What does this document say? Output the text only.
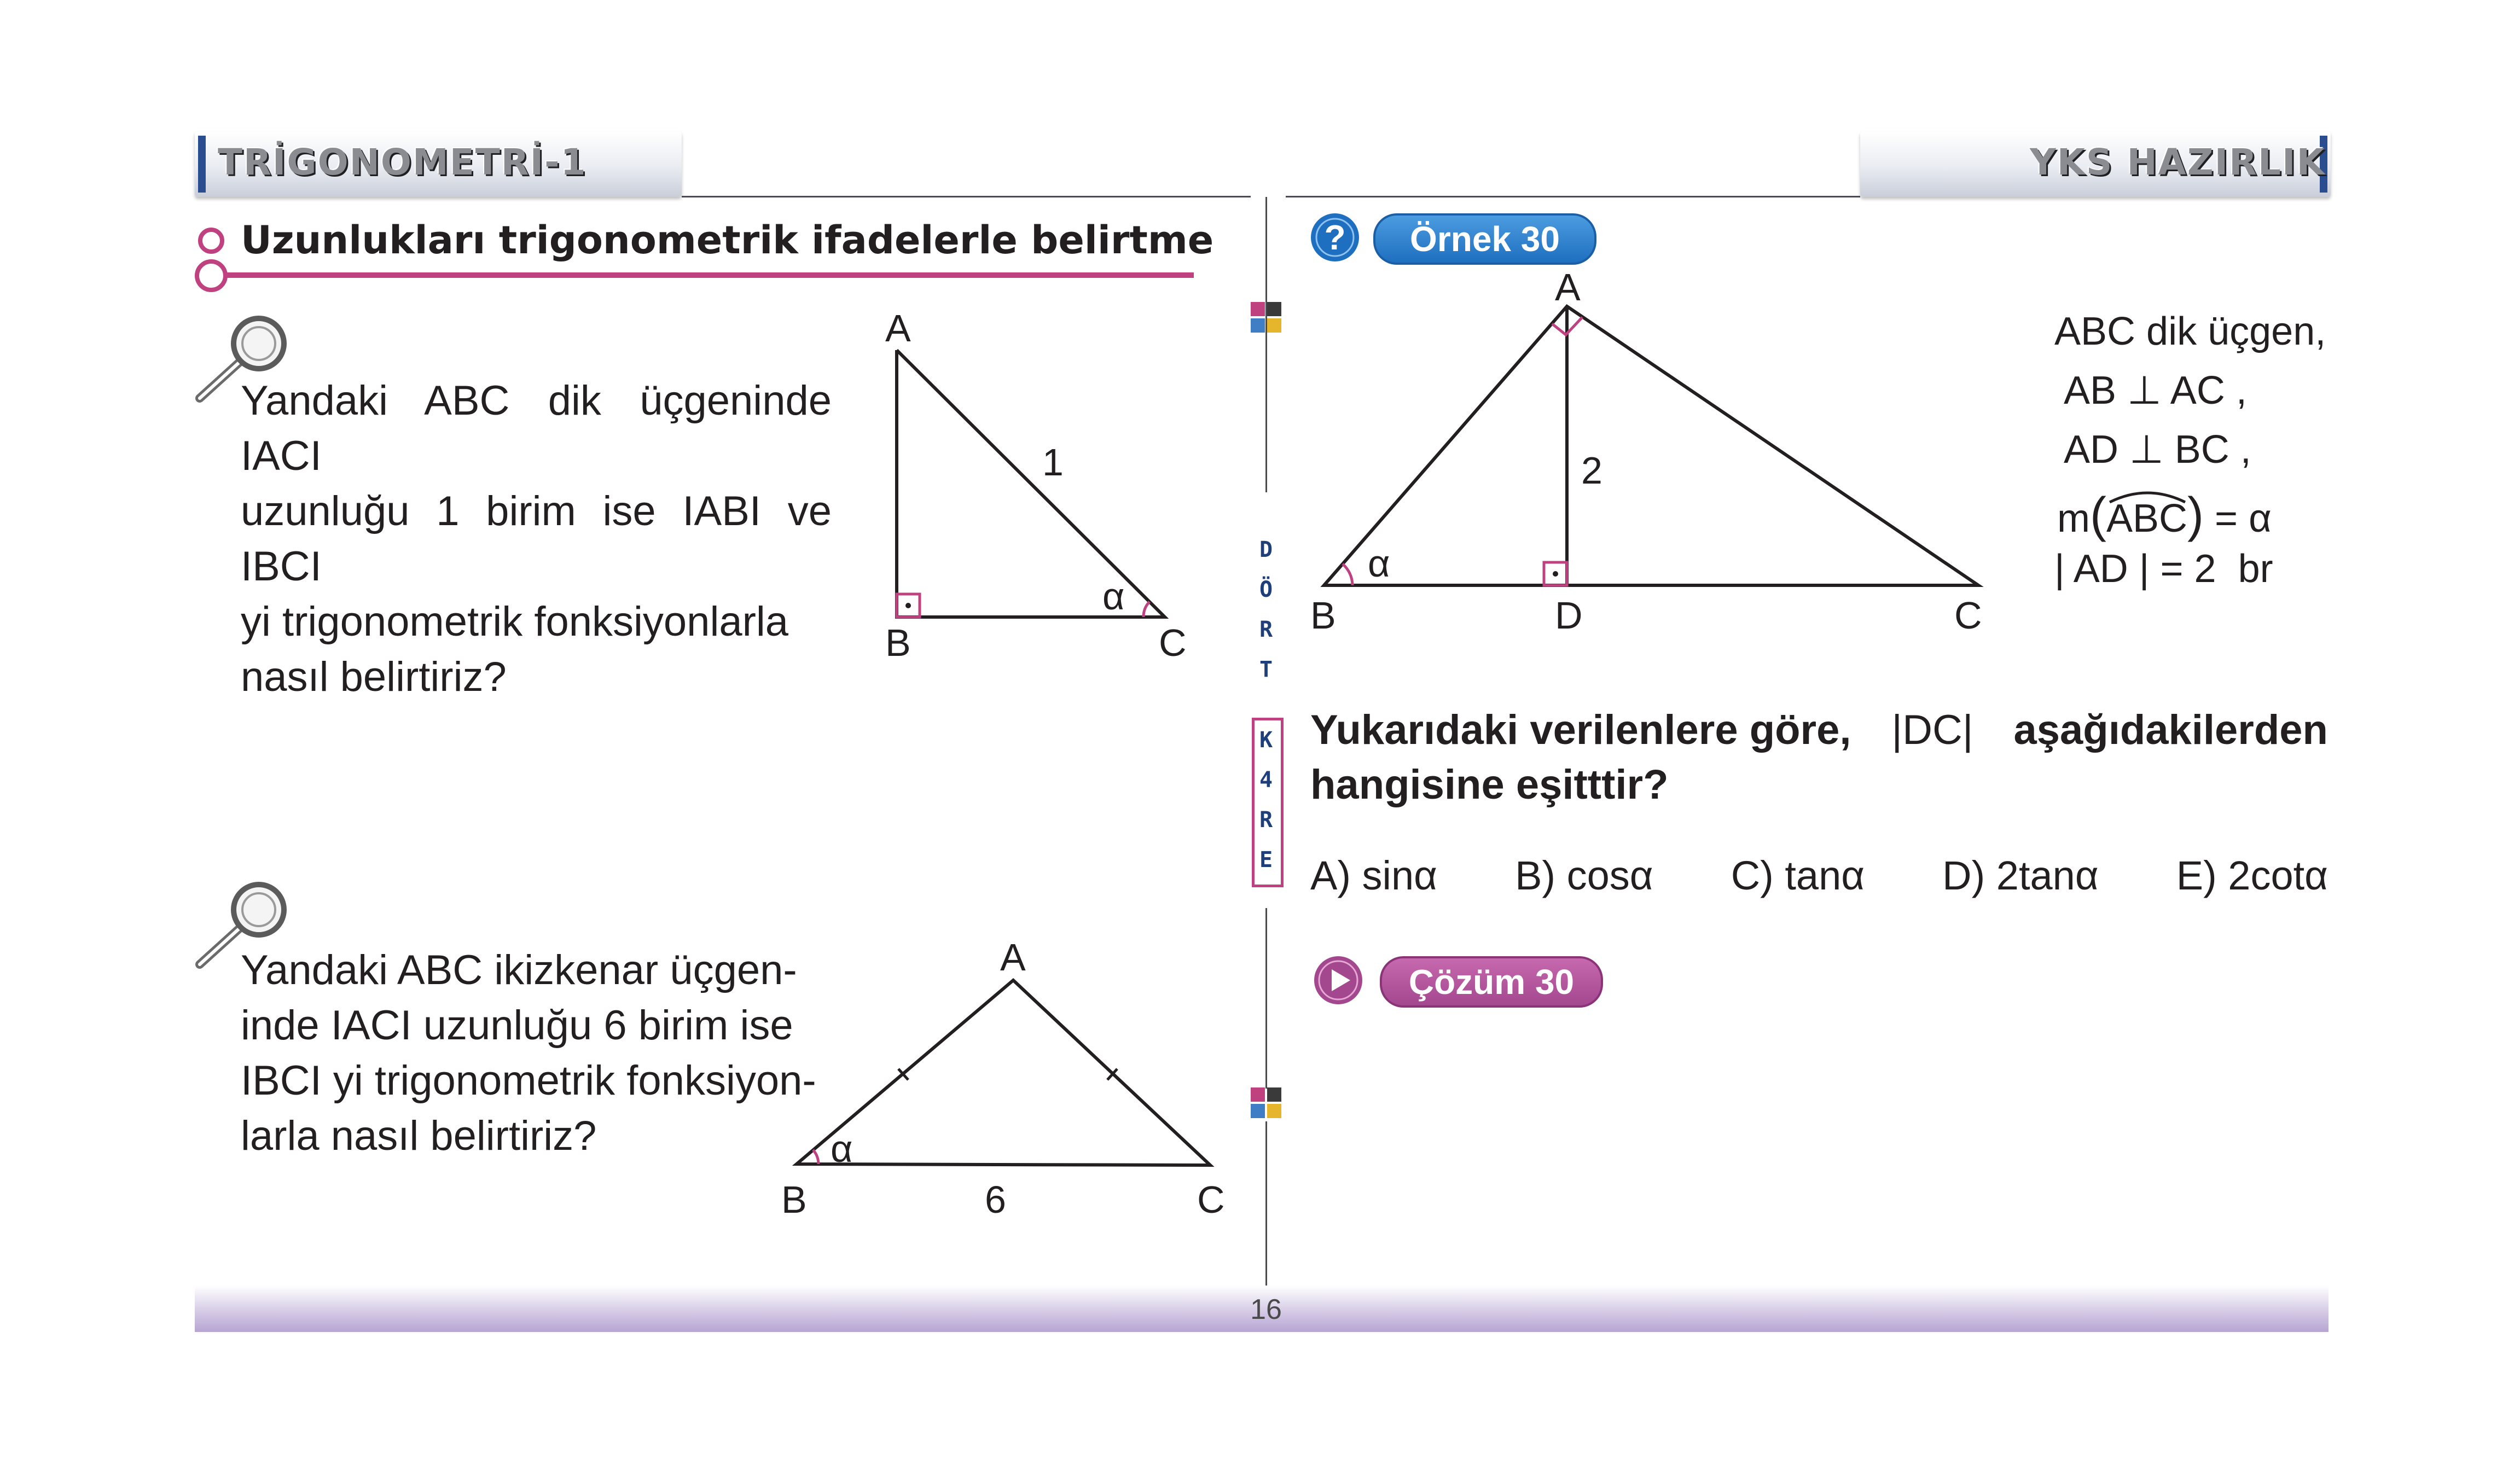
TRİGONOMETRİ-1	YKS HAZIRLIK
Uzunlukları trigonometrik ifadelerle belirtme
Yandaki ABC dik üçgeninde IACI
uzunluğu 1 birim ise IABI ve IBCI
yi trigonometrik fonksiyonlarla
nasıl belirtiriz?
A
B	C
1
α
Yandaki ABC ikizkenar üçgen-
inde IACI uzunluğu 6 birim ise
IBCI yi trigonometrik fonksiyon-
larla nasıl belirtiriz?
A
B	C
6
α
D
Ö
R
T
K
4
R
E
?	Örnek 30
A
B	D	C
2
α
ABC dik üçgen,
AB ⊥ AC ,
AD ⊥ BC ,
m(
ABC) = α
| AD | = 2  br
Yukarıdaki verilenlere göre, |DC| aşağıdakilerden
hangisine eşitttir?
A) sinα B) cosα C) tanα D) 2tanα E) 2cotα
Çözüm 30
16
